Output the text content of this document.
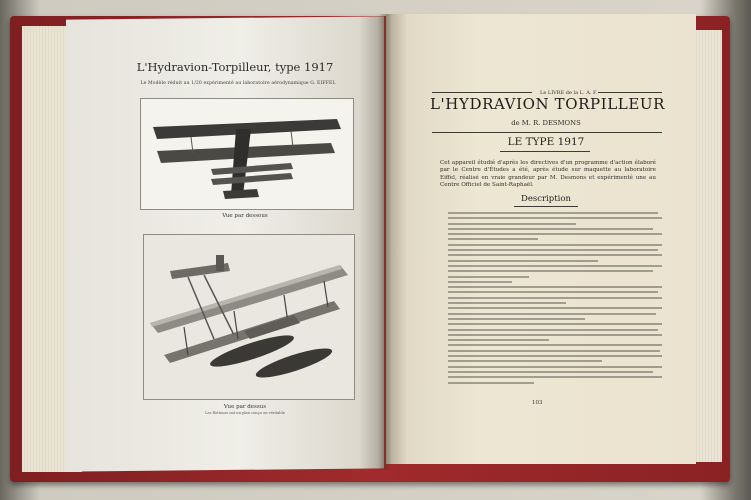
L'Hydravion-Torpilleur, type 1917
Le Modèle réduit au 1/20 expérimenté au laboratoire aérodynamique G. EIFFEL
Vue par dessous
Vue par dessus
Les flotteurs ont un plan conçu en véritable
Le LIVRE de la L. A. F.
L'HYDRAVION TORPILLEUR
de M. R. DESMONS
LE TYPE 1917
Cet appareil étudié d'après les directives d'un programme d'action élaboré par le Centre d'Études a été, après étude sur maquette au laboratoire Eiffel, réalisé en vraie grandeur par M. Desmons et expérimenté une au Centre Officiel de Saint-Raphaël.
Description
103
